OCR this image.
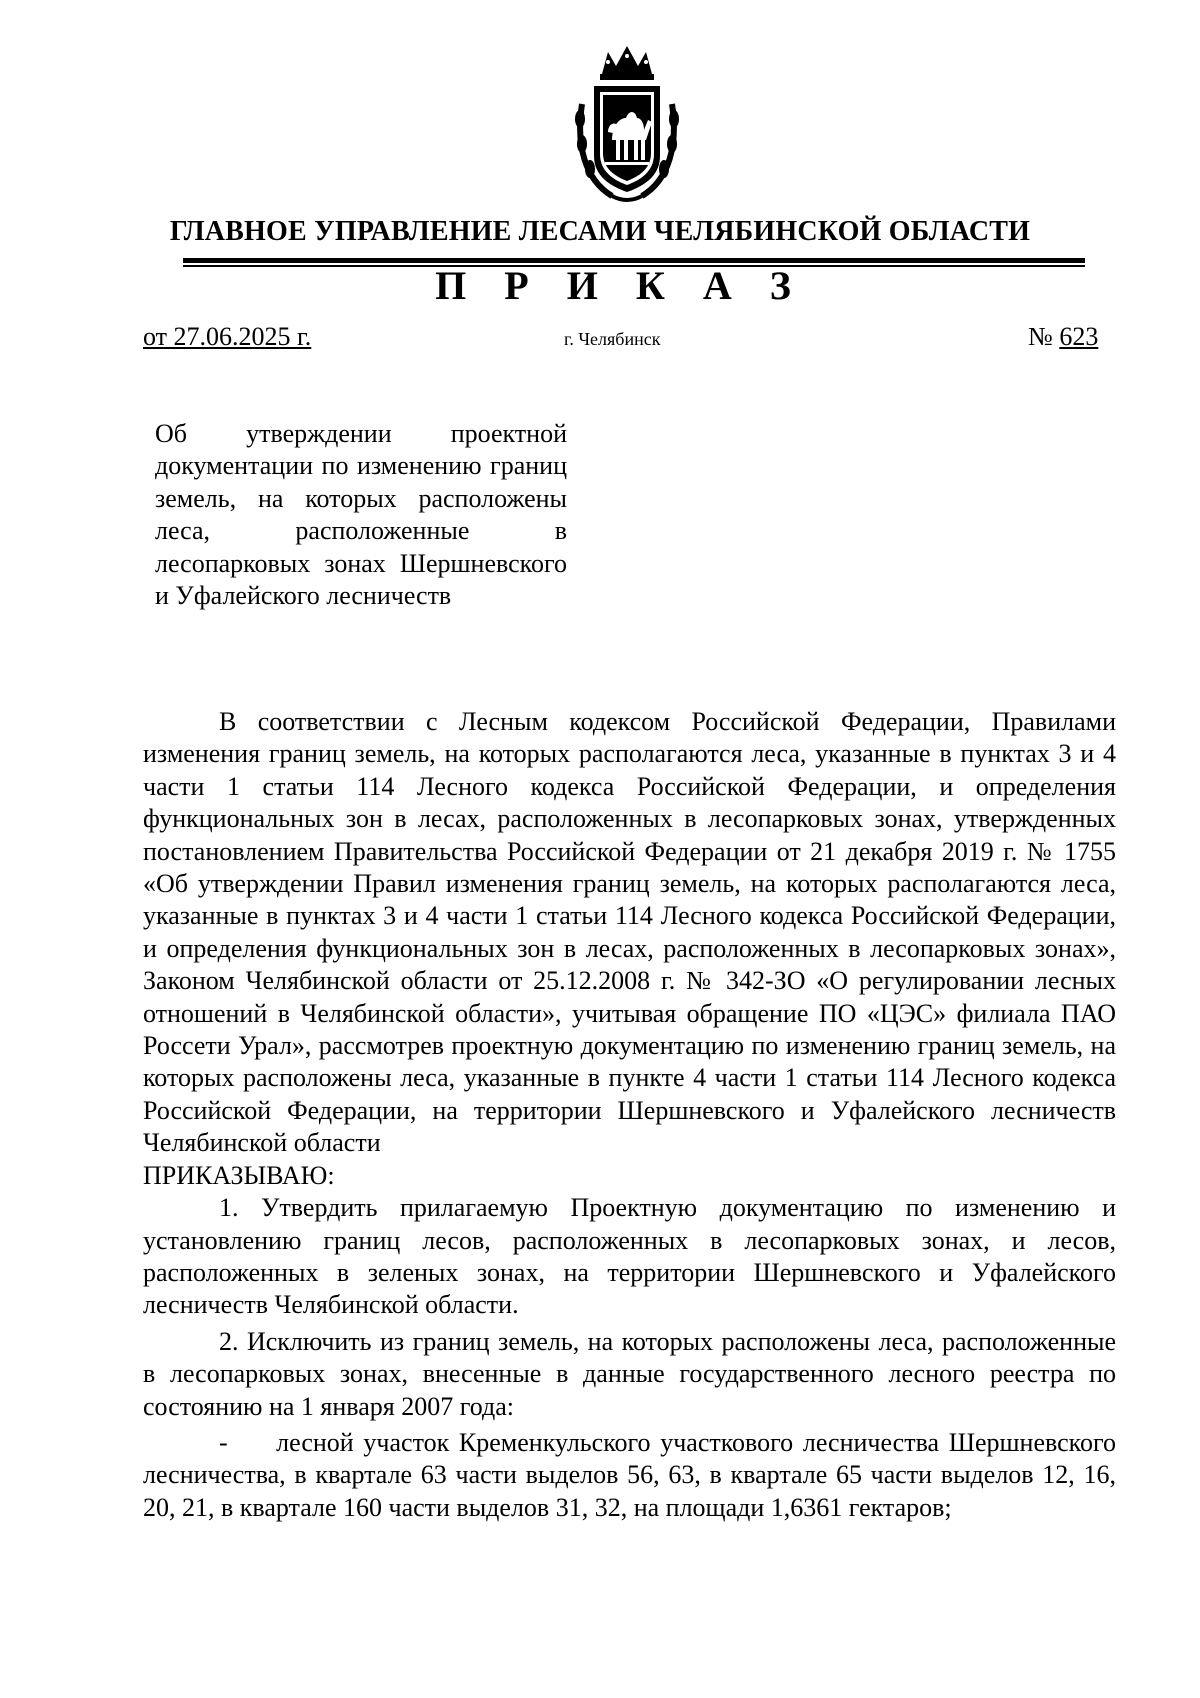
ГЛАВНОЕ УПРАВЛЕНИЕ ЛЕСАМИ ЧЕЛЯБИНСКОЙ ОБЛАСТИ
П Р И К А З
от 27.06.2025 г.	г. Челябинск	№ 623
Об утверждении проектной документации по изменению границ земель, на которых расположены леса, расположенные в лесопарковых зонах Шершневского и Уфалейского лесничеств

В соответствии с Лесным кодексом Российской Федерации, Правилами изменения границ земель, на которых располагаются леса, указанные в пунктах 3 и 4 части 1 статьи 114 Лесного кодекса Российской Федерации, и определения функциональных зон в лесах, расположенных в лесопарковых зонах, утвержденных постановлением Правительства Российской Федерации от 21 декабря 2019 г. № 1755 «Об утверждении Правил изменения границ земель, на которых располагаются леса, указанные в пунктах 3 и 4 части 1 статьи 114 Лесного кодекса Российской Федерации, и определения функциональных зон в лесах, расположенных в лесопарковых зонах», Законом Челябинской области от 25.12.2008 г. № 342-ЗО «О регулировании лесных отношений в Челябинской области», учитывая обращение ПО «ЦЭС» филиала ПАО Россети Урал», рассмотрев проектную документацию по изменению границ земель, на которых расположены леса, указанные в пункте 4 части 1 статьи 114 Лесного кодекса Российской Федерации, на территории Шершневского и Уфалейского лесничеств Челябинской области

ПРИКАЗЫВАЮ:

1. Утвердить прилагаемую Проектную документацию по изменению и установлению границ лесов, расположенных в лесопарковых зонах, и лесов, расположенных в зеленых зонах, на территории Шершневского и Уфалейского лесничеств Челябинской области.

2. Исключить из границ земель, на которых расположены леса, расположенные в лесопарковых зонах, внесенные в данные государственного лесного реестра по состоянию на 1 января 2007 года:

-     лесной участок Кременкульского участкового лесничества Шершневского лесничества, в квартале 63 части выделов 56, 63, в квартале 65 части выделов 12, 16, 20, 21, в квартале 160 части выделов 31, 32, на площади 1,6361 гектаров;
